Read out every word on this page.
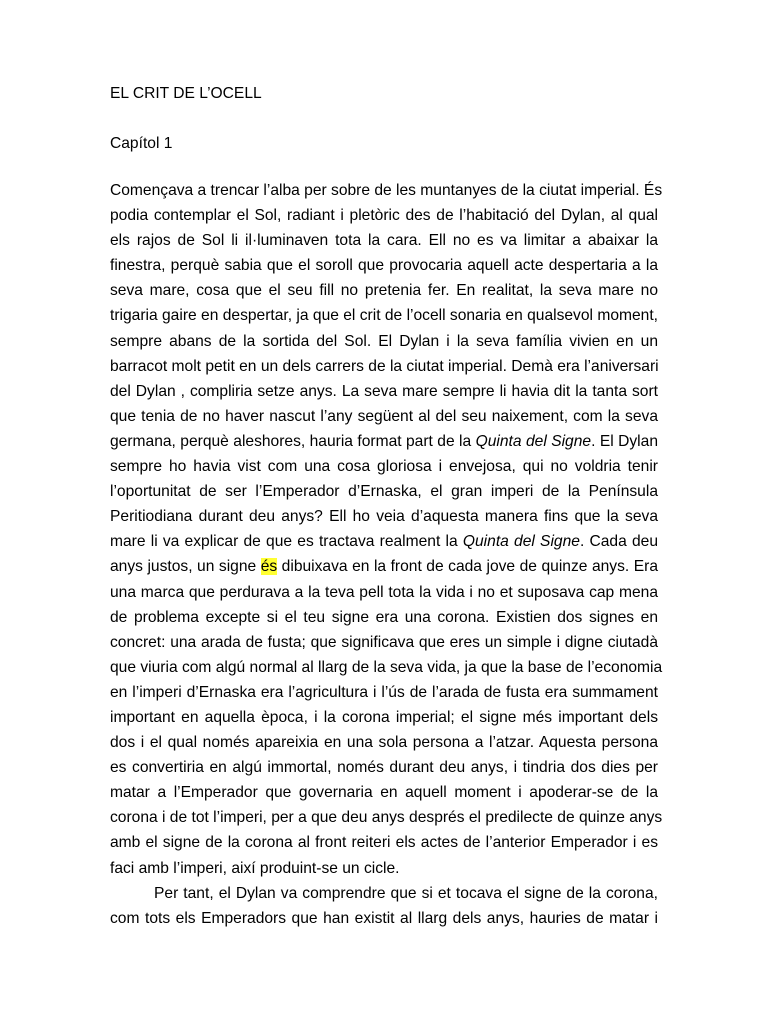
EL CRIT DE L’OCELL

Capítol 1

Començava a trencar l’alba per sobre de les muntanyes de la ciutat imperial. És
podia contemplar el Sol, radiant i pletòric des de l’habitació del Dylan, al qual
els rajos de Sol li il·luminaven tota la cara. Ell no es va limitar a abaixar la
finestra, perquè sabia que el soroll que provocaria aquell acte despertaria a la
seva mare, cosa que el seu fill no pretenia fer. En realitat, la seva mare no
trigaria gaire en despertar, ja que el crit de l’ocell sonaria en qualsevol moment,
sempre abans de la sortida del Sol. El Dylan i la seva família vivien en un
barracot molt petit en un dels carrers de la ciutat imperial. Demà era l’aniversari
del Dylan , compliria setze anys. La seva mare sempre li havia dit la tanta sort
que tenia de no haver nascut l’any següent al del seu naixement, com la seva
germana, perquè aleshores, hauria format part de la Quinta del Signe. El Dylan
sempre ho havia vist com una cosa gloriosa i envejosa, qui no voldria tenir
l’oportunitat de ser l’Emperador d’Ernaska, el gran imperi de la Península
Peritiodiana durant deu anys? Ell ho veia d’aquesta manera fins que la seva
mare li va explicar de que es tractava realment la Quinta del Signe. Cada deu
anys justos, un signe és dibuixava en la front de cada jove de quinze anys. Era
una marca que perdurava a la teva pell tota la vida i no et suposava cap mena
de problema excepte si el teu signe era una corona. Existien dos signes en
concret: una arada de fusta; que significava que eres un simple i digne ciutadà
que viuria com algú normal al llarg de la seva vida, ja que la base de l’economia
en l’imperi d’Ernaska era l’agricultura i l’ús de l’arada de fusta era summament
important en aquella època, i la corona imperial; el signe més important dels
dos i el qual només apareixia en una sola persona a l’atzar. Aquesta persona
es convertiria en algú immortal, només durant deu anys, i tindria dos dies per
matar a l’Emperador que governaria en aquell moment i apoderar-se de la
corona i de tot l’imperi, per a que deu anys després el predilecte de quinze anys
amb el signe de la corona al front reiteri els actes de l’anterior Emperador i es
faci amb l’imperi, així produint-se un cicle.
Per tant, el Dylan va comprendre que si et tocava el signe de la corona,
com tots els Emperadors que han existit al llarg dels anys, hauries de matar i
